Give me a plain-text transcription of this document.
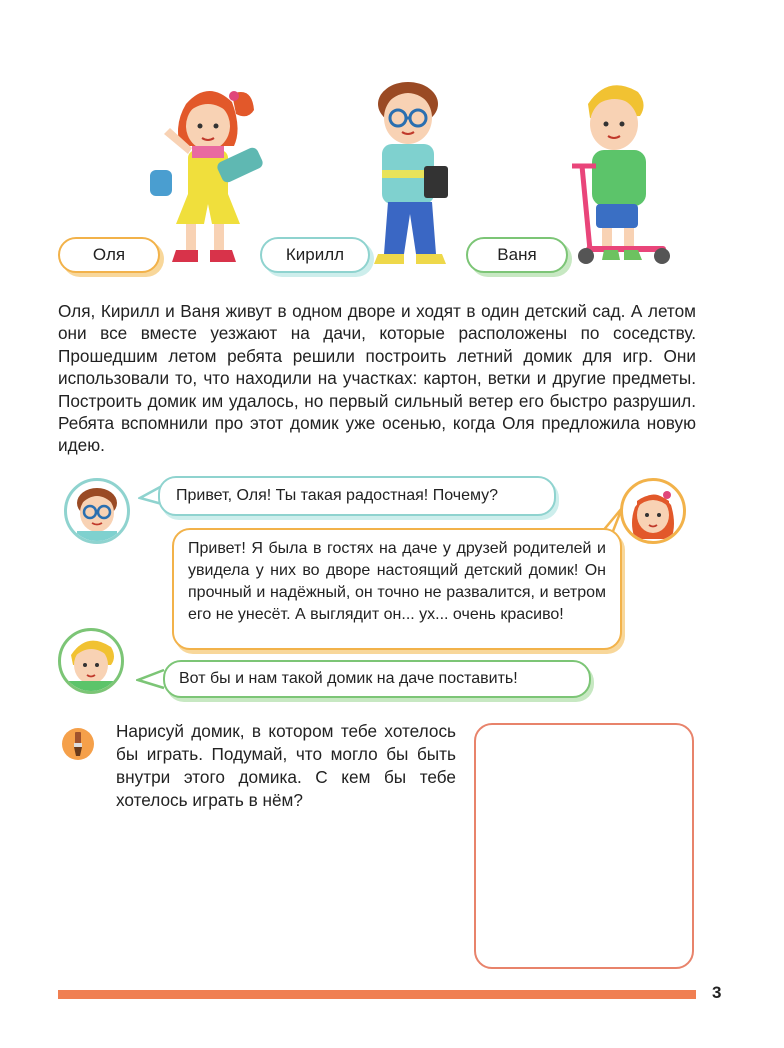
Оля	Кирилл	Ваня

Оля, Кирилл и Ваня живут в одном дворе и ходят в один детский сад. А летом они все вместе уезжают на дачи, которые расположены по соседству. Прошедшим летом ребята решили построить летний домик для игр. Они использовали то, что находили на участках: картон, ветки и другие предметы. Построить домик им удалось, но первый сильный ветер его быстро разрушил. Ребята вспомнили про этот домик уже осенью, когда Оля предложила новую идею.

Привет, Оля! Ты такая радостная! Почему?
Привет! Я была в гостях на даче у друзей родителей и увидела у них во дворе настоящий детский домик! Он прочный и надёжный, он точно не развалится, и ветром его не унесёт. А выглядит он... ух... очень красиво!
Вот бы и нам такой домик на даче поставить!

Нарисуй домик, в котором тебе хотелось бы играть. Подумай, что могло бы быть внутри этого домика. С кем бы тебе хотелось играть в нём?

3
